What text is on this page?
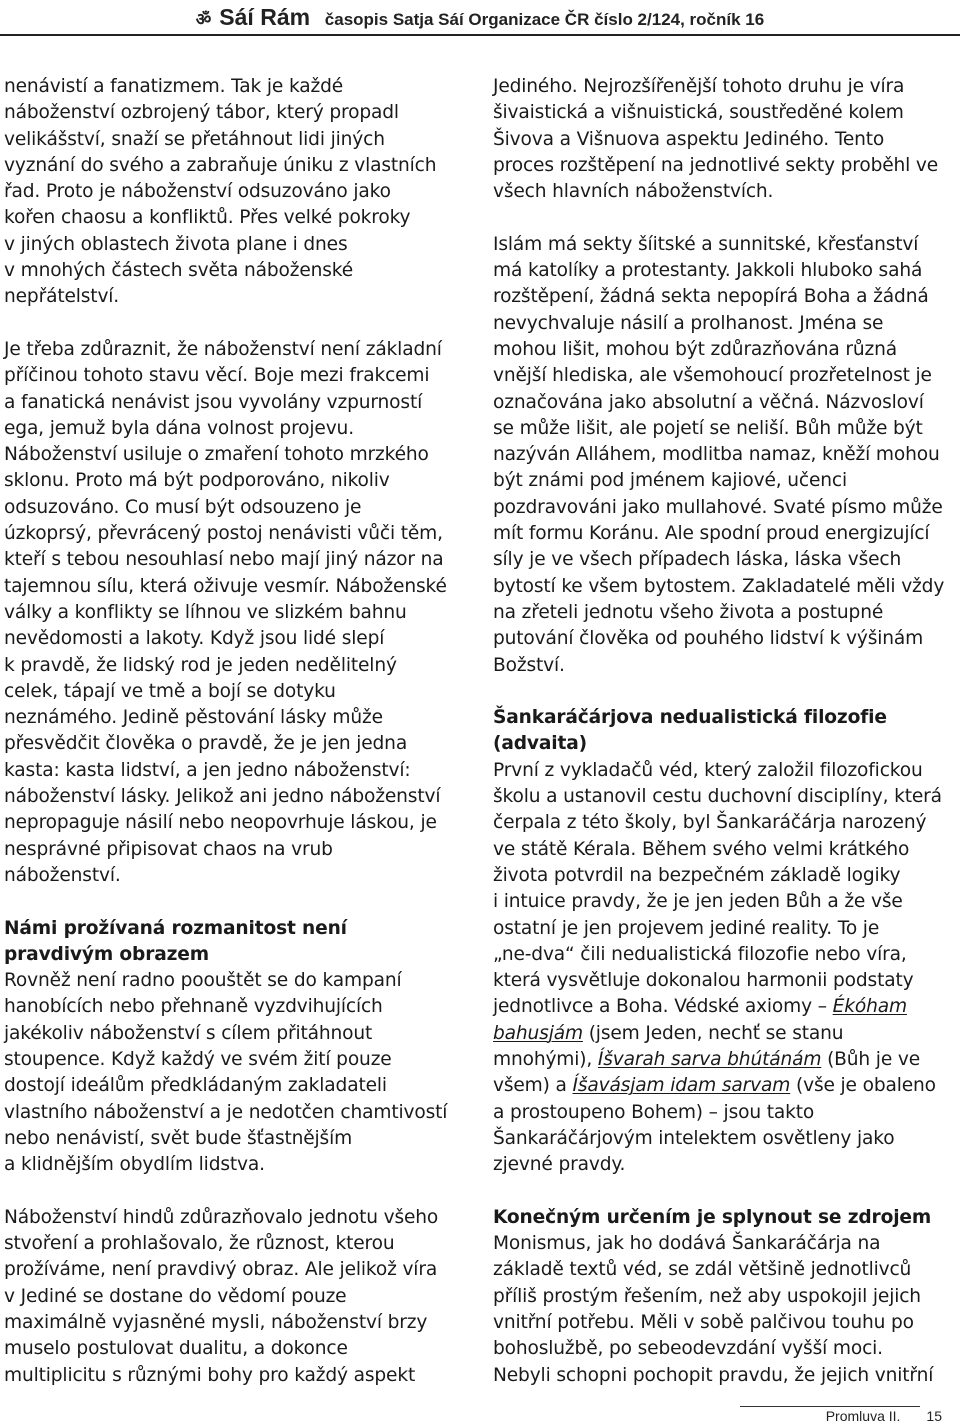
ॐ Sáí Rám časopis Satja Sáí Organizace ČR číslo 2/124, ročník 16
nenávistí a fanatizmem. Tak je každé
náboženství ozbrojený tábor, který propadl
velikášství, snaží se přetáhnout lidi jiných
vyznání do svého a zabraňuje úniku z vlastních
řad. Proto je náboženství odsuzováno jako
kořen chaosu a konfliktů. Přes velké pokroky
v jiných oblastech života plane i dnes
v mnohých částech světa náboženské
nepřátelství.
Je třeba zdůraznit, že náboženství není základní
příčinou tohoto stavu věcí. Boje mezi frakcemi
a fanatická nenávist jsou vyvolány vzpurností
ega, jemuž byla dána volnost projevu.
Náboženství usiluje o zmaření tohoto mrzkého
sklonu. Proto má být podporováno, nikoliv
odsuzováno. Co musí být odsouzeno je
úzkoprsý, převrácený postoj nenávisti vůči těm,
kteří s tebou nesouhlasí nebo mají jiný názor na
tajemnou sílu, která oživuje vesmír. Náboženské
války a konflikty se líhnou ve slizkém bahnu
nevědomosti a lakoty. Když jsou lidé slepí
k pravdě, že lidský rod je jeden nedělitelný
celek, tápají ve tmě a bojí se dotyku
neznámého. Jedině pěstování lásky může
přesvědčit člověka o pravdě, že je jen jedna
kasta: kasta lidství, a jen jedno náboženství:
náboženství lásky. Jelikož ani jedno náboženství
nepropaguje násilí nebo neopovrhuje láskou, je
nesprávné připisovat chaos na vrub
náboženství.
Námi prožívaná rozmanitost není
pravdivým obrazem
Rovněž není radno poouštět se do kampaní
hanobících nebo přehnaně vyzdvihujících
jakékoliv náboženství s cílem přitáhnout
stoupence. Když každý ve svém žití pouze
dostojí ideálům předkládaným zakladateli
vlastního náboženství a je nedotčen chamtivostí
nebo nenávistí, svět bude šťastnějším
a klidnějším obydlím lidstva.
Náboženství hindů zdůrazňovalo jednotu všeho
stvoření a prohlašovalo, že různost, kterou
prožíváme, není pravdivý obraz. Ale jelikož víra
v Jediné se dostane do vědomí pouze
maximálně vyjasněné mysli, náboženství brzy
muselo postulovat dualitu, a dokonce
multiplicitu s různými bohy pro každý aspekt
Jediného. Nejrozšířenější tohoto druhu je víra
šivaistická a višnuistická, soustředěné kolem
Šivova a Višnuova aspektu Jediného. Tento
proces rozštěpení na jednotlivé sekty proběhl ve
všech hlavních náboženstvích.
Islám má sekty šíitské a sunnitské, křesťanství
má katolíky a protestanty. Jakkoli hluboko sahá
rozštěpení, žádná sekta nepopírá Boha a žádná
nevychvaluje násilí a prolhanost. Jména se
mohou lišit, mohou být zdůrazňována různá
vnější hlediska, ale všemohoucí prozřetelnost je
označována jako absolutní a věčná. Názvosloví
se může lišit, ale pojetí se neliší. Bůh může být
nazýván Alláhem, modlitba namaz, kněží mohou
být známi pod jménem kajiové, učenci
pozdravováni jako mullahové. Svaté písmo může
mít formu Koránu. Ale spodní proud energizující
síly je ve všech případech láska, láska všech
bytostí ke všem bytostem. Zakladatelé měli vždy
na zřeteli jednotu všeho života a postupné
putování člověka od pouhého lidství k výšinám
Božství.
Šankaráčárjova nedualistická filozofie
(advaita)
První z vykladačů véd, který založil filozofickou
školu a ustanovil cestu duchovní disciplíny, která
čerpala z této školy, byl Šankaráčárja narozený
ve státě Kérala. Během svého velmi krátkého
života potvrdil na bezpečném základě logiky
i intuice pravdy, že je jen jeden Bůh a že vše
ostatní je jen projevem jediné reality. To je
„ne-dva“ čili nedualistická filozofie nebo víra,
která vysvětluje dokonalou harmonii podstaty
jednotlivce a Boha. Védské axiomy – Ékóham
bahusjám (jsem Jeden, nechť se stanu
mnohými), Íšvarah sarva bhútánám (Bůh je ve
všem) a Íšavásjam idam sarvam (vše je obaleno
a prostoupeno Bohem) – jsou takto
Šankaráčárjovým intelektem osvětleny jako
zjevné pravdy.
Konečným určením je splynout se zdrojem
Monismus, jak ho dodává Šankaráčárja na
základě textů véd, se zdál většině jednotlivců
příliš prostým řešením, než aby uspokojil jejich
vnitřní potřebu. Měli v sobě palčivou touhu po
bohoslužbě, po sebeodevzdání vyšší moci.
Nebyli schopni pochopit pravdu, že jejich vnitřní
Promluva II. 15
